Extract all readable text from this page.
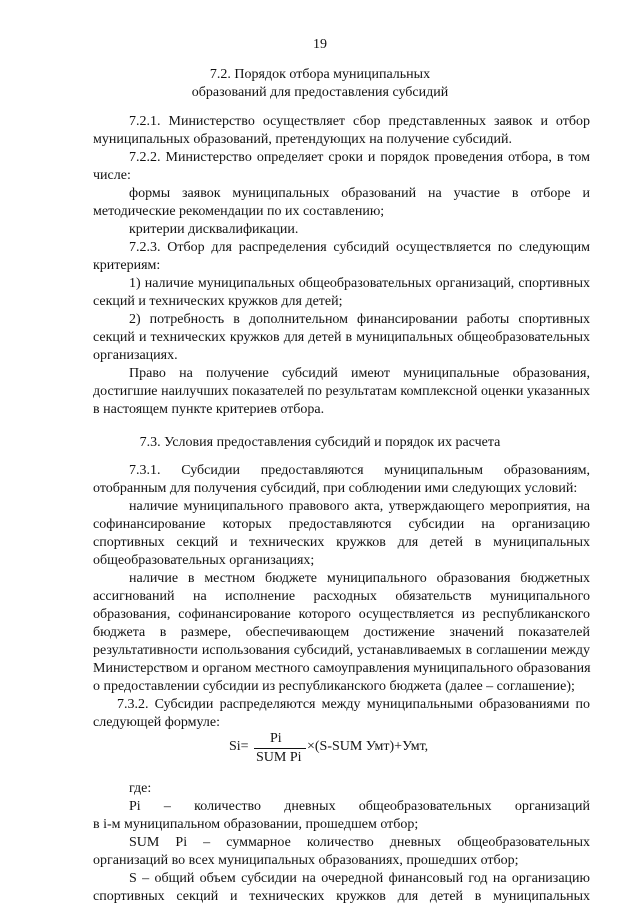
19
7.2. Порядок отбора муниципальных
образований для предоставления субсидий
7.2.1. Министерство осуществляет сбор представленных заявок и отбор
муниципальных образований, претендующих на получение субсидий.
7.2.2. Министерство определяет сроки и порядок проведения отбора, в том
числе:
формы заявок муниципальных образований на участие в отборе и
методические рекомендации по их составлению;
критерии дисквалификации.
7.2.3. Отбор для распределения субсидий осуществляется по следующим
критериям:
1) наличие муниципальных общеобразовательных организаций, спортивных
секций и технических кружков для детей;
2) потребность в дополнительном финансировании работы спортивных
секций и технических кружков для детей в муниципальных общеобразовательных
организациях.
Право на получение субсидий имеют муниципальные образования,
достигшие наилучших показателей по результатам комплексной оценки указанных
в настоящем пункте критериев отбора.
7.3. Условия предоставления субсидий и порядок их расчета
7.3.1. Субсидии предоставляются муниципальным образованиям,
отобранным для получения субсидий, при соблюдении ими следующих условий:
наличие муниципального правового акта, утверждающего мероприятия, на
софинансирование которых предоставляются субсидии на организацию
спортивных секций и технических кружков для детей в муниципальных
общеобразовательных организациях;
наличие в местном бюджете муниципального образования бюджетных
ассигнований на исполнение расходных обязательств муниципального
образования, софинансирование которого осуществляется из республиканского
бюджета в размере, обеспечивающем достижение значений показателей
результативности использования субсидий, устанавливаемых в соглашении между
Министерством и органом местного самоуправления муниципального образования
о предоставлении субсидии из республиканского бюджета (далее – соглашение);
7.3.2. Субсидии распределяются между муниципальными образованиями по
следующей формуле:
Si=
Pi
SUM Pi
×(S-SUM Умт)+Умт,
где:
Pi – количество дневных общеобразовательных организаций
в i-м муниципальном образовании, прошедшем отбор;
SUM Pi – суммарное количество дневных общеобразовательных
организаций во всех муниципальных образованиях, прошедших отбор;
S – общий объем субсидии на очередной финансовый год на организацию
спортивных секций и технических кружков для детей в муниципальных
